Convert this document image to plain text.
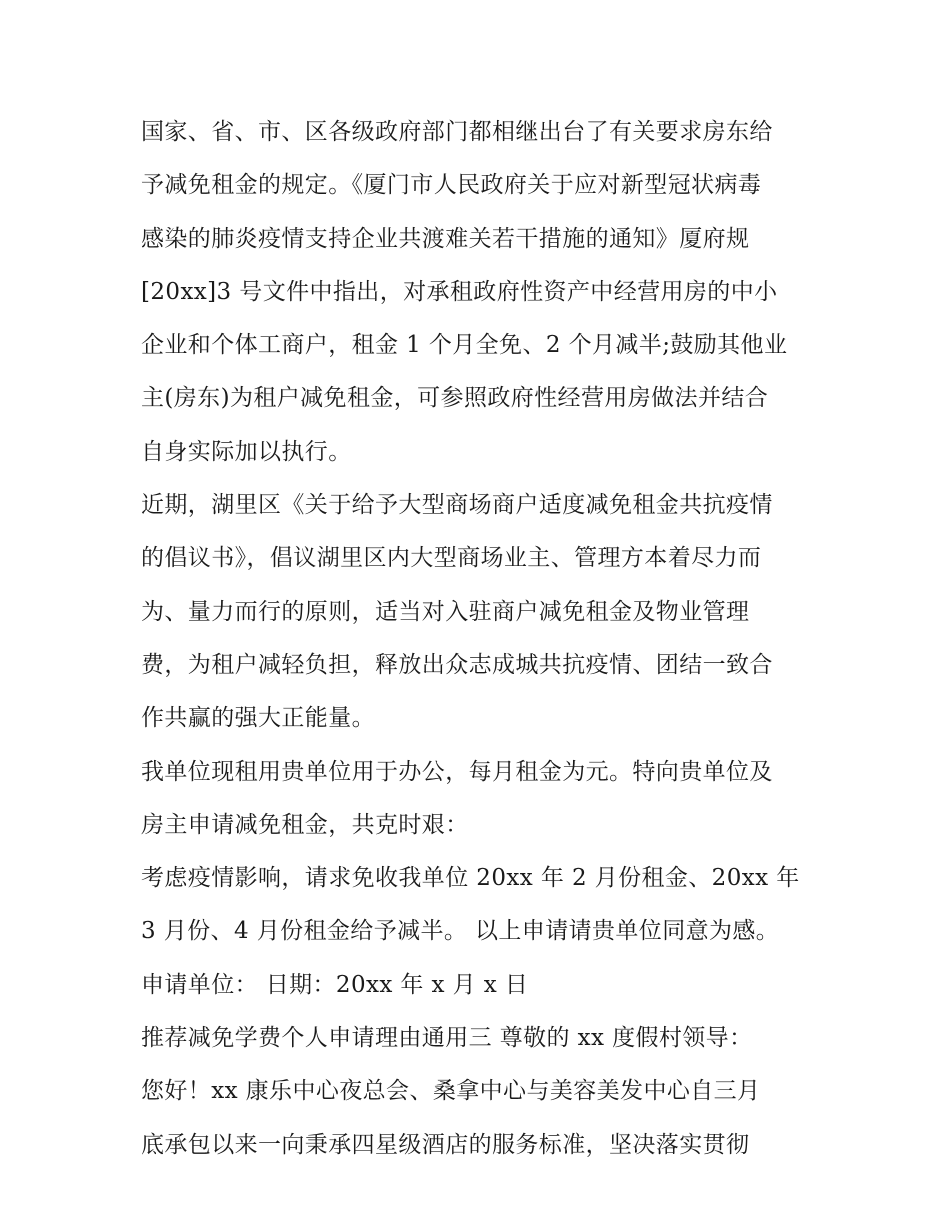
国家、省、市、区各级政府部门都相继出台了有关要求房东给
予减免租金的规定。《厦门市人民政府关于应对新型冠状病毒
感染的肺炎疫情支持企业共渡难关若干措施的通知》厦府规
[20xx]3 号文件中指出，对承租政府性资产中经营用房的中小
企业和个体工商户，租金 1 个月全免、2 个月减半;鼓励其他业
主(房东)为租户减免租金，可参照政府性经营用房做法并结合
自身实际加以执行。
近期，湖里区《关于给予大型商场商户适度减免租金共抗疫情
的倡议书》，倡议湖里区内大型商场业主、管理方本着尽力而
为、量力而行的原则，适当对入驻商户减免租金及物业管理
费，为租户减轻负担，释放出众志成城共抗疫情、团结一致合
作共赢的强大正能量。
我单位现租用贵单位用于办公，每月租金为元。特向贵单位及
房主申请减免租金，共克时艰：
考虑疫情影响，请求免收我单位 20xx 年 2 月份租金、20xx 年
3 月份、4 月份租金给予减半。 以上申请请贵单位同意为感。
申请单位： 日期：20xx 年 x 月 x 日
推荐减免学费个人申请理由通用三 尊敬的 xx 度假村领导：
您好！xx 康乐中心夜总会、桑拿中心与美容美发中心自三月
底承包以来一向秉承四星级酒店的服务标准，坚决落实贯彻
